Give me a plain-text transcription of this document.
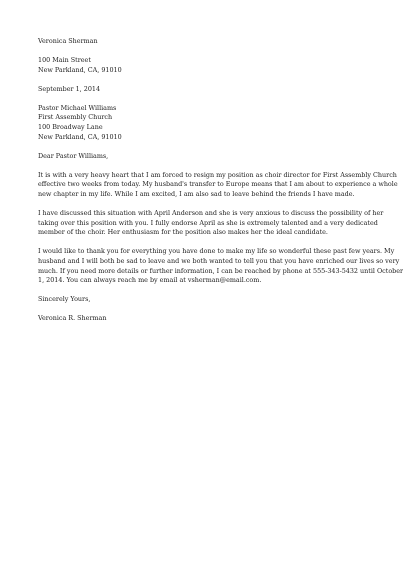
Veronica Sherman
100 Main Street
New Parkland, CA, 91010
September 1, 2014
Pastor Michael Williams
First Assembly Church
100 Broadway Lane
New Parkland, CA, 91010
Dear Pastor Williams,
It is with a very heavy heart that I am forced to resign my position as choir director for First Assembly Church
effective two weeks from today. My husband's transfer to Europe means that I am about to experience a whole
new chapter in my life. While I am excited, I am also sad to leave behind the friends I have made.
I have discussed this situation with April Anderson and she is very anxious to discuss the possibility of her
taking over this position with you. I fully endorse April as she is extremely talented and a very dedicated
member of the choir. Her enthusiasm for the position also makes her the ideal candidate.
I would like to thank you for everything you have done to make my life so wonderful these past few years. My
husband and I will both be sad to leave and we both wanted to tell you that you have enriched our lives so very
much. If you need more details or further information, I can be reached by phone at 555-343-5432 until October
1, 2014. You can always reach me by email at vsherman@email.com.
Sincerely Yours,
Veronica R. Sherman
